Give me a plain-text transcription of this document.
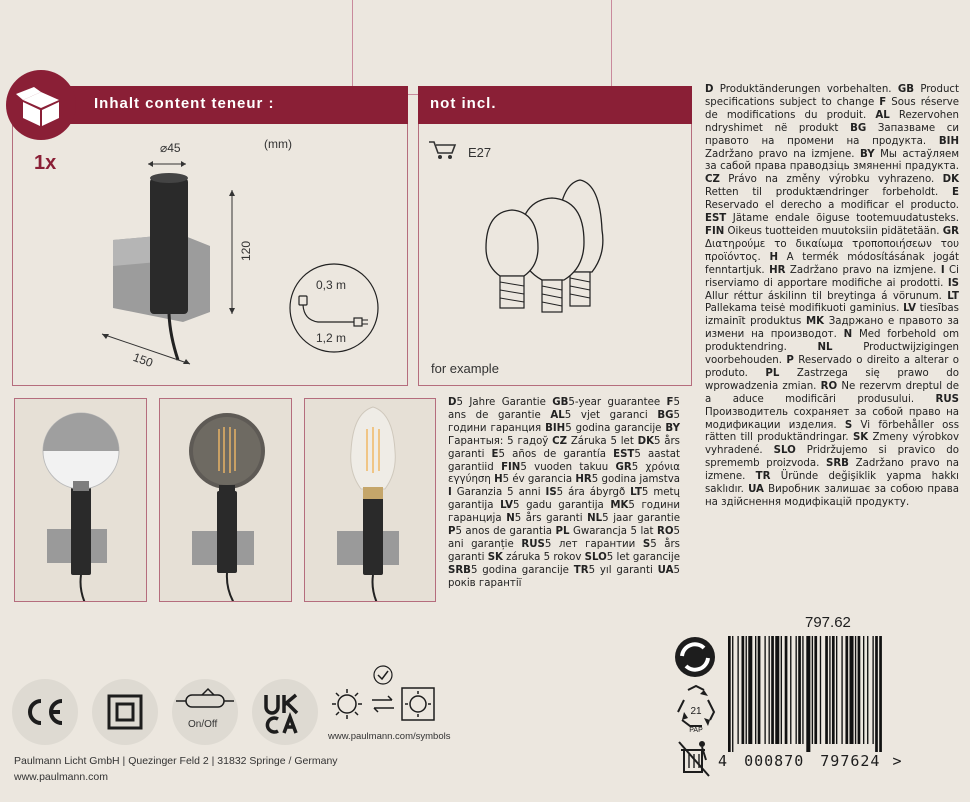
Inhalt content teneur :
1x
(mm)
⌀45
120
150
0,3 m
1,2 m
not incl.
E27
for example
D Produktänderungen vorbehalten. GB Product specifications subject to change F Sous réserve de modifications du produit. AL Rezervohen ndryshimet në produkt BG Запазваме си правото на промени на продукта. BIH Zadržano pravo na izmjene. BY Мы астаўляем за сабой права праводзіць змяненні прадукта. CZ Právo na změny výrobku vyhrazeno. DK Retten til produktændringer forbeholdt. E Reservado el derecho a modificar el producto. EST Jätame endale õiguse tootemuudatusteks. FIN Oikeus tuotteiden muutoksiin pidätetään. GR Διατηρούμε το δικαίωμα τροποποιήσεων του προϊόντος. H A termék módosításának jogát fenntartjuk. HR Zadržano pravo na izmjene. I Ci riserviamo di apportare modifiche ai prodotti. IS Allur réttur áskilinn til breytinga á vörunum. LT Pallekama teisė modifikuoti gaminius. LV tiesības izmainīt produktus MK Задржано е правото за измени на производот. N Med forbehold om produktendring. NL Productwijzigingen voorbehouden. P Reservado o direito a alterar o produto. PL Zastrzega się prawo do wprowadzenia zmian. RO Ne rezervm dreptul de a aduce modificări produsului. RUS Производитель сохраняет за собой право на модификации изделия. S Vi förbehåller oss rätten till produktändringar. SK Zmeny výrobkov vyhradené. SLO Pridržujemo si pravico do sprememb proizvoda. SRB Zadržano pravo na izmene. TR Üründe değişiklik yapma hakkı saklıdır. UA Виробник залишає за собою права на здійснення модифікацій продукту.
D5 Jahre Garantie GB5-year guarantee F5 ans de garantie AL5 vjet garanci BG5 години гаранция BIH5 godina garancije BY Гарантыя: 5 гадоў CZ Záruka 5 let DK5 års garanti E5 años de garantía EST5 aastat garantiid FIN5 vuoden takuu GR5 χρόνια εγγύηση H5 év garancia HR5 godina jamstva I Garanzia 5 anni IS5 ára ábyrgð LT5 metų garantija LV5 gadu garantija MK5 години гаранција N5 års garanti NL5 jaar garantie P5 anos de garantia PL Gwarancja 5 lat RO5 ani garanție RUS5 лет гарантии S5 års garanti SK záruka 5 rokov SLO5 let garancije SRB5 godina garancije TR5 yıl garanti UA5 років гарантії
797.62
21
PAP
4 000870 797624 >
On/Off
www.paulmann.com/symbols
Paulmann Licht GmbH | Quezinger Feld 2 | 31832 Springe / Germany
www.paulmann.com
